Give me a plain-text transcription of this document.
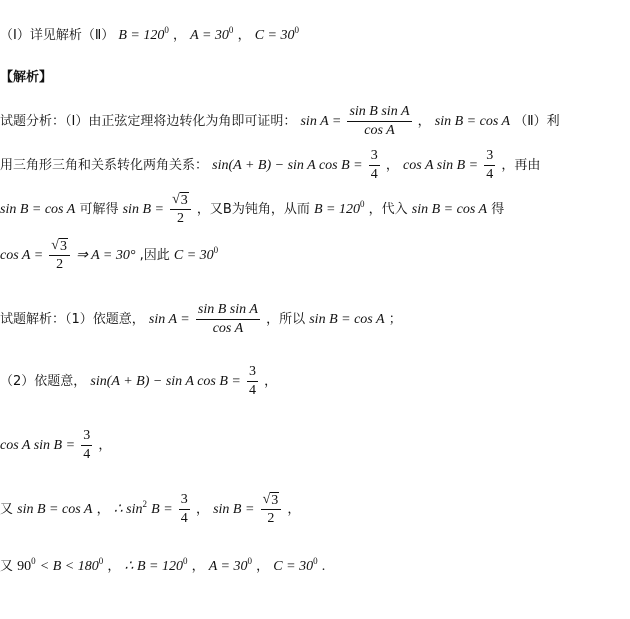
（Ⅰ）详见解析（Ⅱ） $B = 120^0$ ， $A = 30^0$ ， $C = 30^0$
【解析】
试题分析：（Ⅰ）由正弦定理将边转化为角即可证明： $\sin A = \frac{\text{sin B sin A}}{\text{cos A}}$ ， sin B = cos A （Ⅱ）利
用三角形三角和关系转化两角关系： sin(A + B) − sin A $\cos B = \frac{3}{4}$ ， cos A $\sin B = \frac{3}{4}$ ，再由
sin B = cos A 可解得 $\sin B = \frac{√ 3}{2}$ ，又B为钝角，从而 $B = 120^0$ ，代入 sin B = cos A 得
$\cos A = \frac{√ 3}{2}$ ⇒ A = 30° ,因此 $C = 30^0$
试题解析：（1）依题意， $\sin A = \frac{\text{sin B sin A}}{\text{cos A}}$ ，所以 sin B = cos A ；
（2）依题意， sin(A + B) − sin A $\cos B = \frac{3}{4}$ ，
cos A $\sin B = \frac{3}{4}$ ，
又 sin B = cos A ， ∴ $\sin^2 B = \frac{3}{4}$ ， $\sin B = \frac{√ 3}{2}$ ，
又 $90^0 < B < 180^0$ ， ∴ $B = 120^0$ ， $A = 30^0$ ， $C = 30^0$ .
